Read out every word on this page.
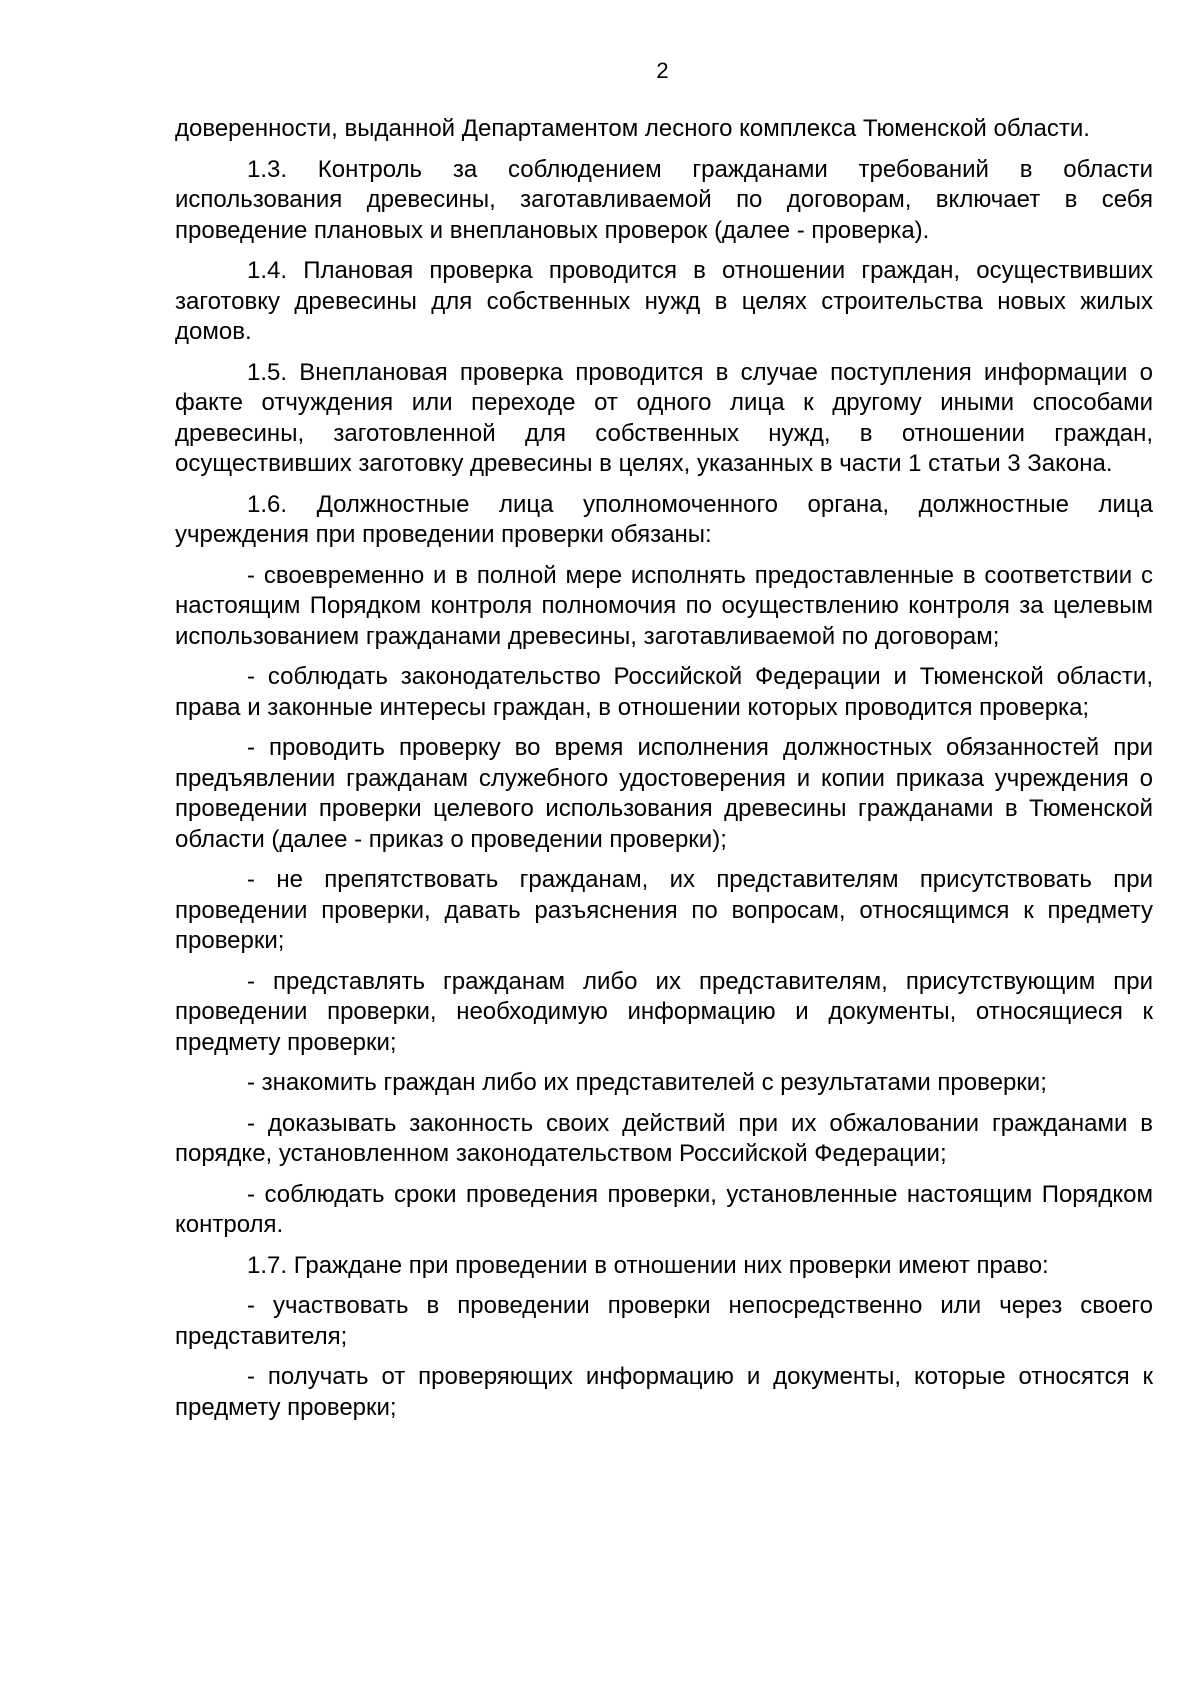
2

доверенности, выданной Департаментом лесного комплекса Тюменской области.

1.3. Контроль за соблюдением гражданами требований в области использования древесины, заготавливаемой по договорам, включает в себя проведение плановых и внеплановых проверок (далее - проверка).

1.4. Плановая проверка проводится в отношении граждан, осуществивших заготовку древесины для собственных нужд в целях строительства новых жилых домов.

1.5. Внеплановая проверка проводится в случае поступления информации о факте отчуждения или переходе от одного лица к другому иными способами древесины, заготовленной для собственных нужд, в отношении граждан, осуществивших заготовку древесины в целях, указанных в части 1 статьи 3 Закона.

1.6. Должностные лица уполномоченного органа, должностные лица учреждения при проведении проверки обязаны:

- своевременно и в полной мере исполнять предоставленные в соответствии с настоящим Порядком контроля полномочия по осуществлению контроля за целевым использованием гражданами древесины, заготавливаемой по договорам;

- соблюдать законодательство Российской Федерации и Тюменской области, права и законные интересы граждан, в отношении которых проводится проверка;

- проводить проверку во время исполнения должностных обязанностей при предъявлении гражданам служебного удостоверения и копии приказа учреждения о проведении проверки целевого использования древесины гражданами в Тюменской области (далее - приказ о проведении проверки);

- не препятствовать гражданам, их представителям присутствовать при проведении проверки, давать разъяснения по вопросам, относящимся к предмету проверки;

- представлять гражданам либо их представителям, присутствующим при проведении проверки, необходимую информацию и документы, относящиеся к предмету проверки;

- знакомить граждан либо их представителей с результатами проверки;

- доказывать законность своих действий при их обжаловании гражданами в порядке, установленном законодательством Российской Федерации;

- соблюдать сроки проведения проверки, установленные настоящим Порядком контроля.

1.7. Граждане при проведении в отношении них проверки имеют право:

- участвовать в проведении проверки непосредственно или через своего представителя;

- получать от проверяющих информацию и документы, которые относятся к предмету проверки;
